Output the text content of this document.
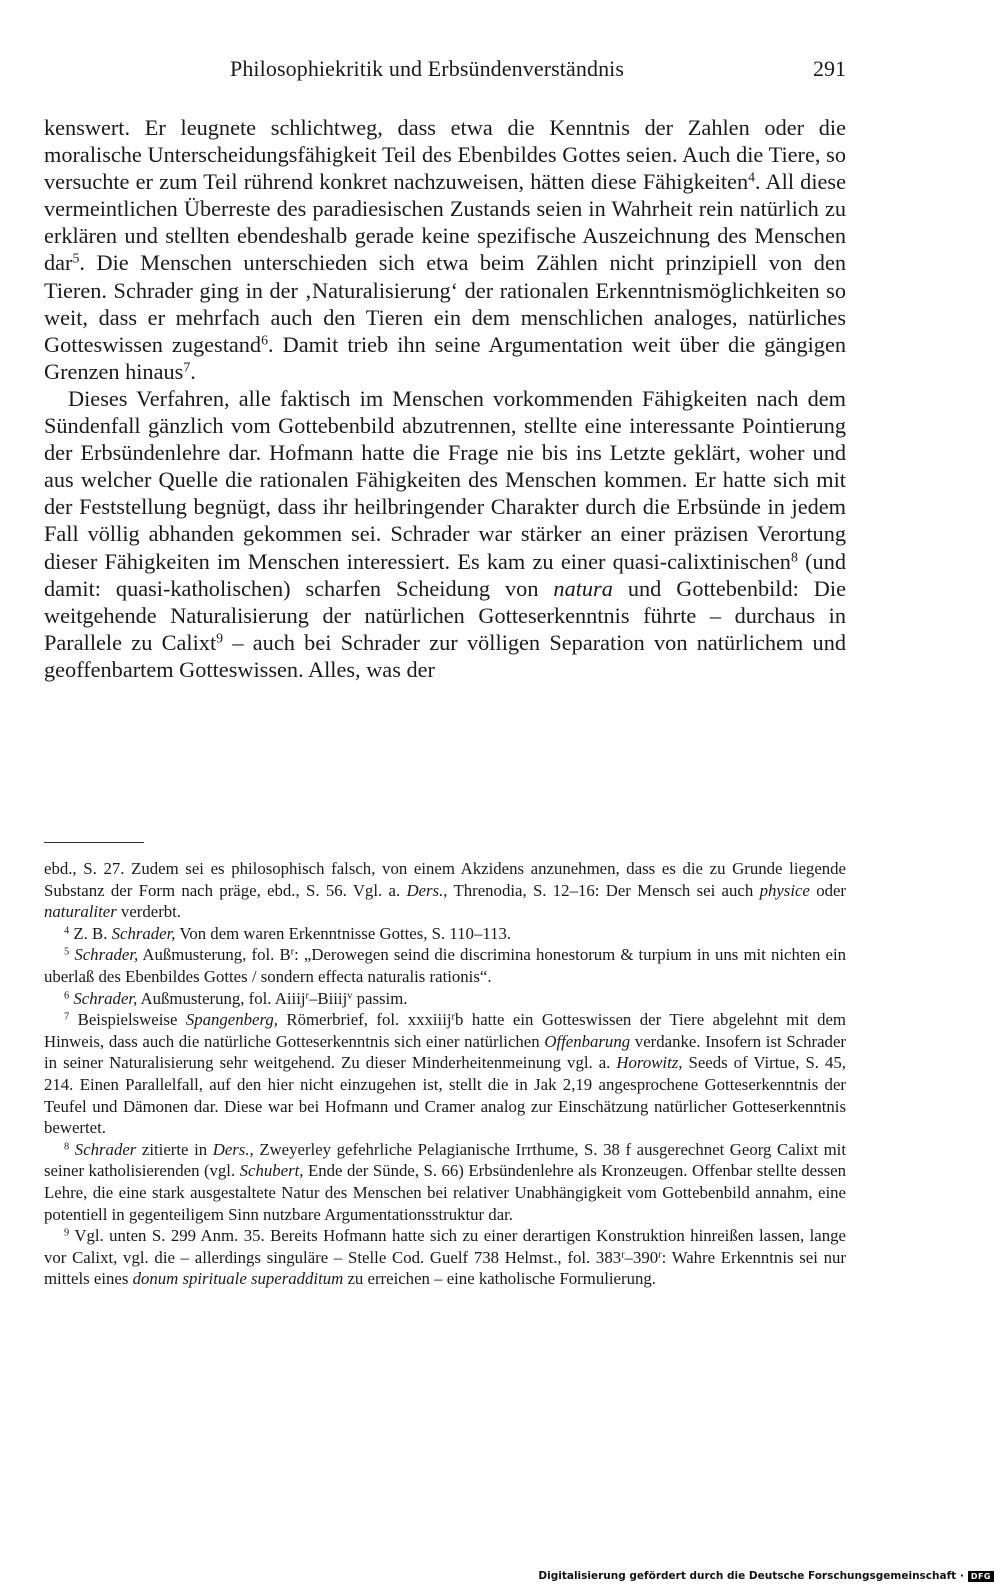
Philosophiekritik und Erbsündenverständnis	291

kenswert. Er leugnete schlichtweg, dass etwa die Kenntnis der Zahlen oder die moralische Unterscheidungsfähigkeit Teil des Ebenbildes Gottes seien. Auch die Tiere, so versuchte er zum Teil rührend konkret nachzuweisen, hätten diese Fähigkeiten$^4$. All diese vermeintlichen Überreste des paradiesischen Zustands seien in Wahrheit rein natürlich zu erklären und stellten ebendeshalb gerade keine spezifische Auszeichnung des Menschen dar$^5$. Die Menschen unterschieden sich etwa beim Zählen nicht prinzipiell von den Tieren. Schrader ging in der ‚Naturalisierung‘ der rationalen Erkenntnismöglichkeiten so weit, dass er mehrfach auch den Tieren ein dem menschlichen analoges, natürliches Gotteswissen zugestand$^6$. Damit trieb ihn seine Argumentation weit über die gängigen Grenzen hinaus$^7$.

Dieses Verfahren, alle faktisch im Menschen vorkommenden Fähigkeiten nach dem Sündenfall gänzlich vom Gottebenbild abzutrennen, stellte eine interessante Pointierung der Erbsündenlehre dar. Hofmann hatte die Frage nie bis ins Letzte geklärt, woher und aus welcher Quelle die rationalen Fähigkeiten des Menschen kommen. Er hatte sich mit der Feststellung begnügt, dass ihr heilbringender Charakter durch die Erbsünde in jedem Fall völlig abhanden gekommen sei. Schrader war stärker an einer präzisen Verortung dieser Fähigkeiten im Menschen interessiert. Es kam zu einer quasi-calixtinischen$^8$ (und damit: quasi-katholischen) scharfen Scheidung von natura und Gottebenbild: Die weitgehende Naturalisierung der natürlichen Gotteserkenntnis führte – durchaus in Parallele zu Calixt$^9$ – auch bei Schrader zur völligen Separation von natürlichem und geoffenbartem Gotteswissen. Alles, was der

ebd., S. 27. Zudem sei es philosophisch falsch, von einem Akzidens anzunehmen, dass es die zu Grunde liegende Substanz der Form nach präge, ebd., S. 56. Vgl. a. Ders., Threnodia, S. 12–16: Der Mensch sei auch physice oder naturaliter verderbt.

$^4$ Z. B. Schrader, Von dem waren Erkenntnisse Gottes, S. 110–113.

$^5$ Schrader, Außmusterung, fol. $B^r$: „Derowegen seind die discrimina honestorum & turpium in uns mit nichten ein uberlaß des Ebenbildes Gottes / sondern effecta naturalis rationis“.

$^6$ Schrader, Außmusterung, fol. Aiiij$^r$–Biiij$^v$ passim.

$^7$ Beispielsweise Spangenberg, Römerbrief, fol. xxxiiij$^r$b hatte ein Gotteswissen der Tiere abgelehnt mit dem Hinweis, dass auch die natürliche Gotteserkenntnis sich einer natürlichen Offenbarung verdanke. Insofern ist Schrader in seiner Naturalisierung sehr weitgehend. Zu dieser Minderheitenmeinung vgl. a. Horowitz, Seeds of Virtue, S. 45, 214. Einen Parallelfall, auf den hier nicht einzugehen ist, stellt die in Jak 2,19 angesprochene Gotteserkenntnis der Teufel und Dämonen dar. Diese war bei Hofmann und Cramer analog zur Einschätzung natürlicher Gotteserkenntnis bewertet.

$^8$ Schrader zitierte in Ders., Zweyerley gefehrliche Pelagianische Irrthume, S. 38 f ausgerechnet Georg Calixt mit seiner katholisierenden (vgl. Schubert, Ende der Sünde, S. 66) Erbsündenlehre als Kronzeugen. Offenbar stellte dessen Lehre, die eine stark ausgestaltete Natur des Menschen bei relativer Unabhängigkeit vom Gottebenbild annahm, eine potentiell in gegenteiligem Sinn nutzbare Argumentationsstruktur dar.

$^9$ Vgl. unten S. 299 Anm. 35. Bereits Hofmann hatte sich zu einer derartigen Konstruktion hinreißen lassen, lange vor Calixt, vgl. die – allerdings singuläre – Stelle Cod. Guelf 738 Helmst., fol. 383$^r$–390$^r$: Wahre Erkenntnis sei nur mittels eines donum spirituale superadditum zu erreichen – eine katholische Formulierung.

Digitalisierung gefördert durch die Deutsche Forschungsgemeinschaft · DFG
